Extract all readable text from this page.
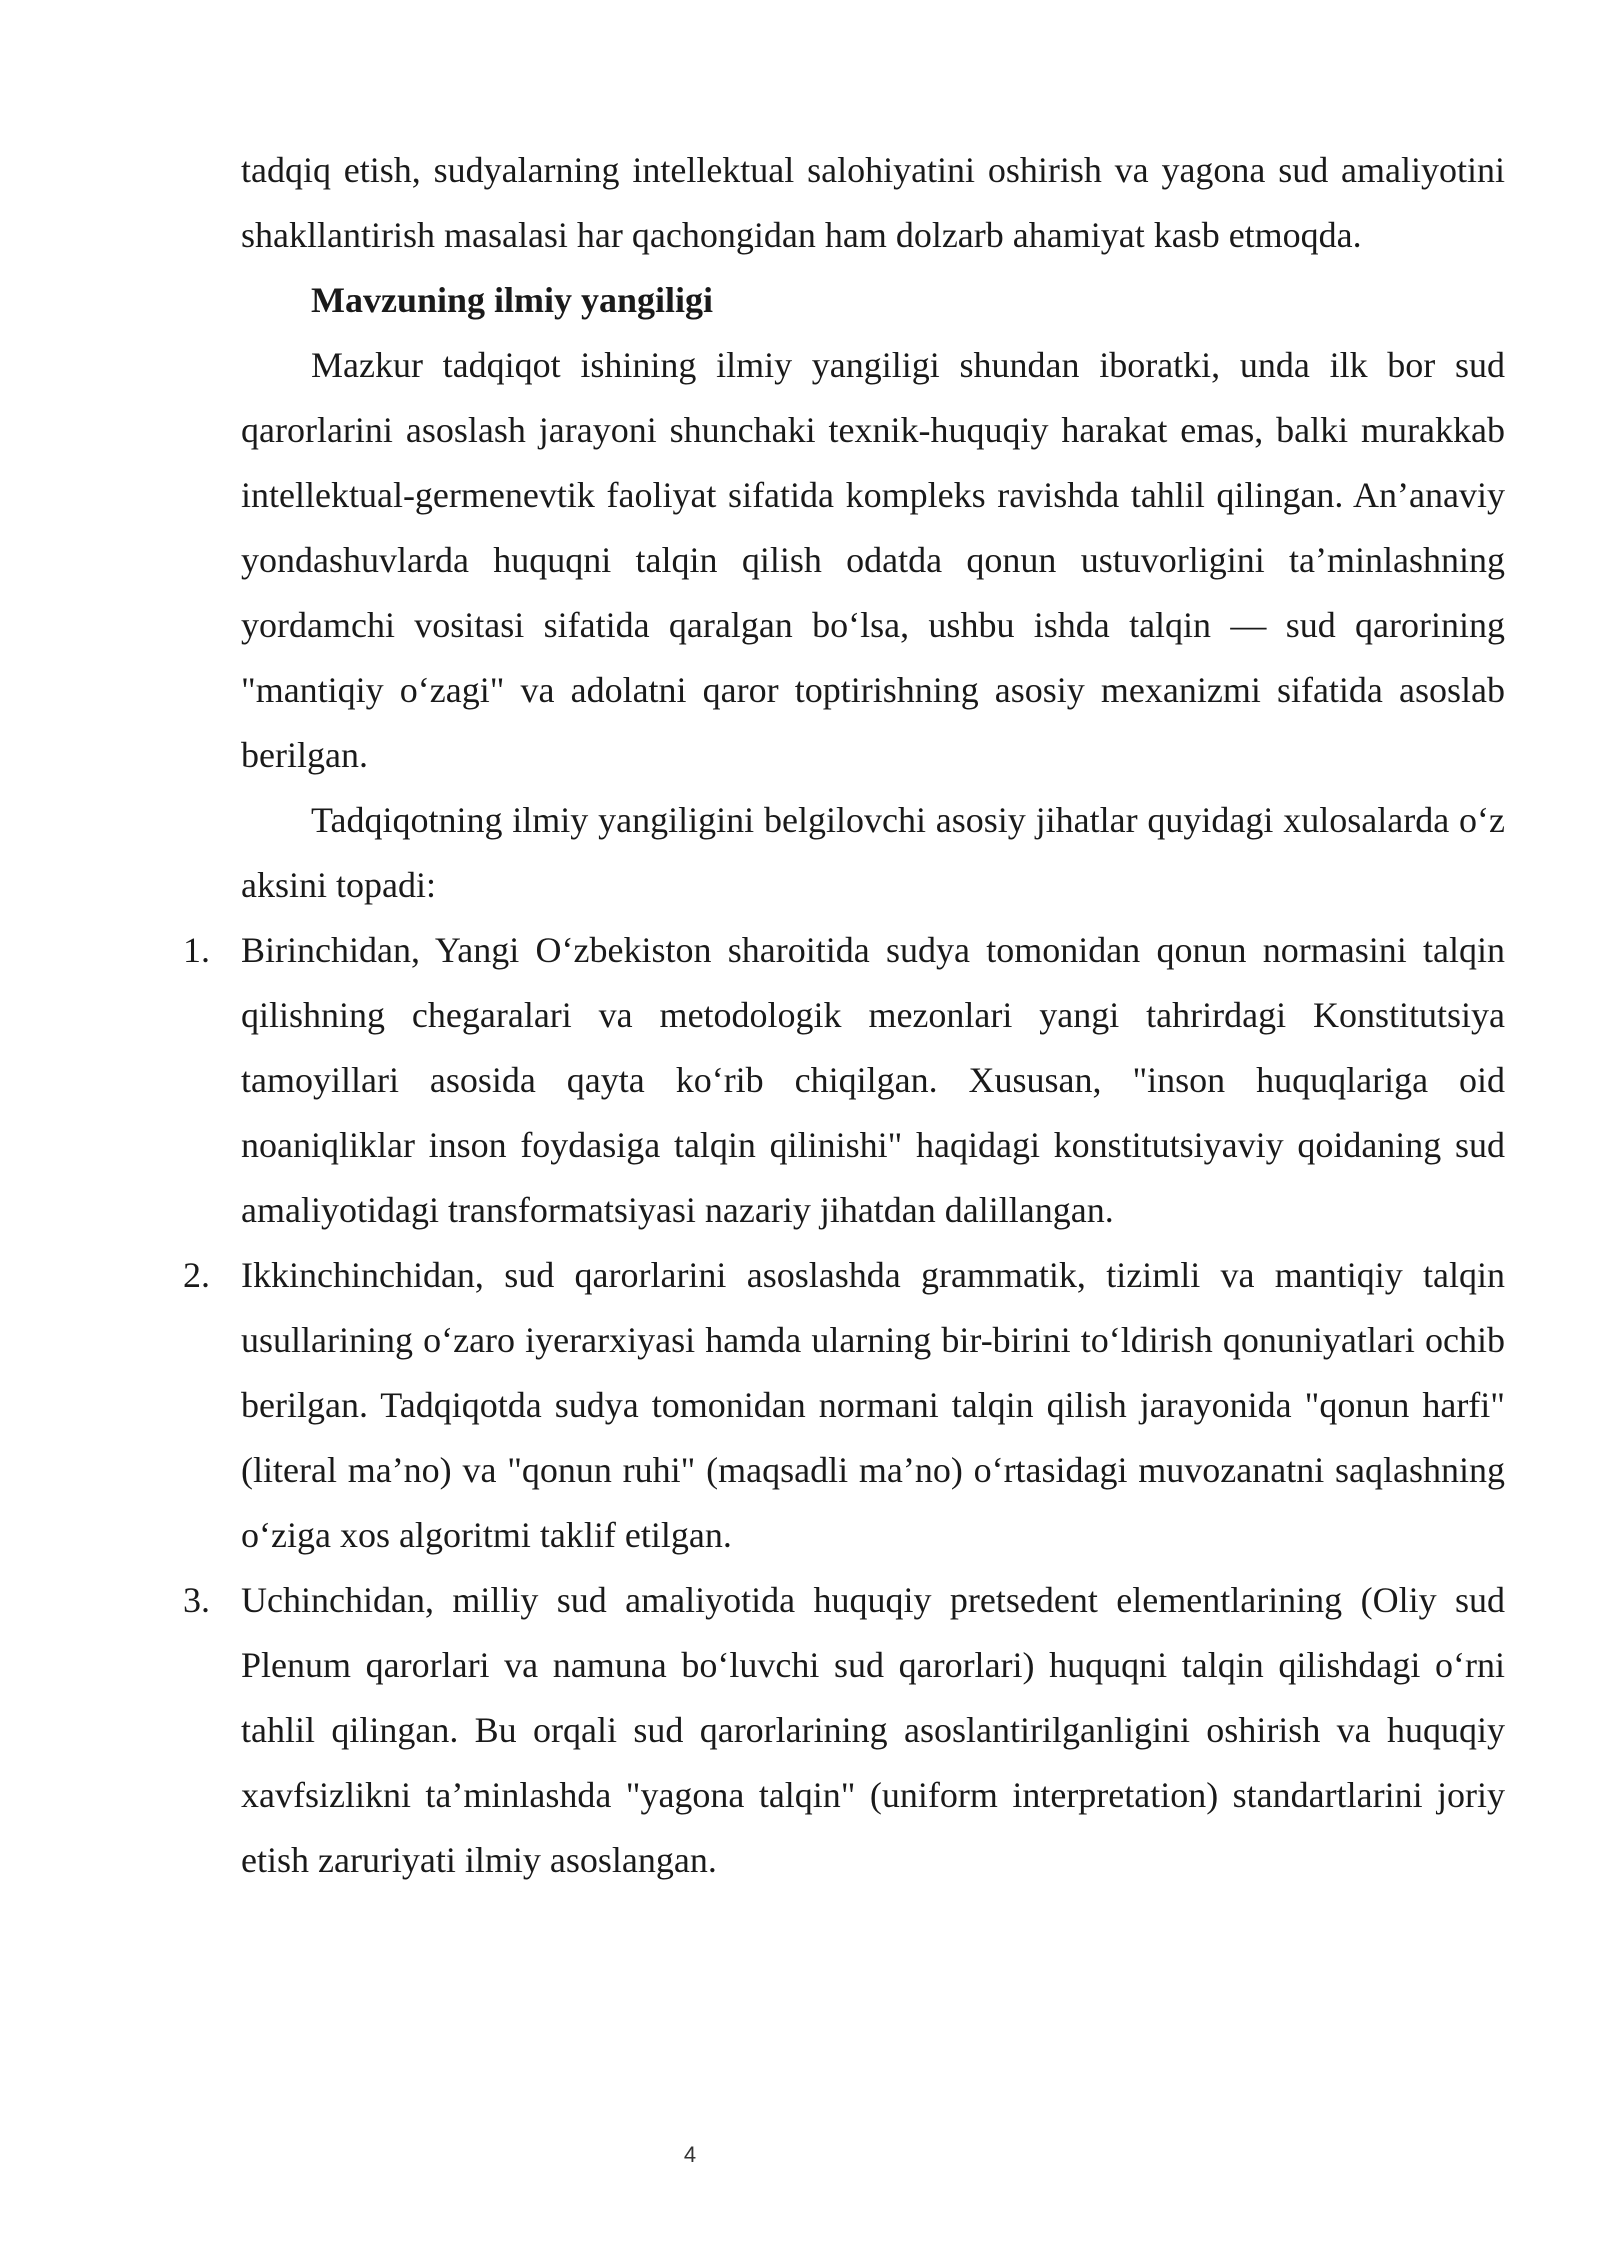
tadqiq etish, sudyalarning intellektual salohiyatini oshirish va yagona sud amaliyotini shakllantirish masalasi har qachongidan ham dolzarb ahamiyat kasb etmoqda.

Mavzuning ilmiy yangiligi

Mazkur tadqiqot ishining ilmiy yangiligi shundan iboratki, unda ilk bor sud qarorlarini asoslash jarayoni shunchaki texnik-huquqiy harakat emas, balki murakkab intellektual-germenevtik faoliyat sifatida kompleks ravishda tahlil qilingan. An’anaviy yondashuvlarda huquqni talqin qilish odatda qonun ustuvorligini ta’minlashning yordamchi vositasi sifatida qaralgan bo‘lsa, ushbu ishda talqin — sud qarorining "mantiqiy o‘zagi" va adolatni qaror toptirishning asosiy mexanizmi sifatida asoslab berilgan.

Tadqiqotning ilmiy yangiligini belgilovchi asosiy jihatlar quyidagi xulosalarda o‘z aksini topadi:

1. Birinchidan, Yangi O‘zbekiston sharoitida sudya tomonidan qonun normasini talqin qilishning chegaralari va metodologik mezonlari yangi tahrirdagi Konstitutsiya tamoyillari asosida qayta ko‘rib chiqilgan. Xususan, "inson huquqlariga oid noaniqliklar inson foydasiga talqin qilinishi" haqidagi konstitutsiyaviy qoidaning sud amaliyotidagi transformatsiyasi nazariy jihatdan dalillangan.
2. Ikkinchinchidan, sud qarorlarini asoslashda grammatik, tizimli va mantiqiy talqin usullarining o‘zaro iyerarxiyasi hamda ularning bir-birini to‘ldirish qonuniyatlari ochib berilgan. Tadqiqotda sudya tomonidan normani talqin qilish jarayonida "qonun harfi" (literal ma’no) va "qonun ruhi" (maqsadli ma’no) o‘rtasidagi muvozanatni saqlashning o‘ziga xos algoritmi taklif etilgan.
3. Uchinchidan, milliy sud amaliyotida huquqiy pretsedent elementlarining (Oliy sud Plenum qarorlari va namuna bo‘luvchi sud qarorlari) huquqni talqin qilishdagi o‘rni tahlil qilingan. Bu orqali sud qarorlarining asoslantirilganligini oshirish va huquqiy xavfsizlikni ta’minlashda "yagona talqin" (uniform interpretation) standartlarini joriy etish zaruriyati ilmiy asoslangan.
4
